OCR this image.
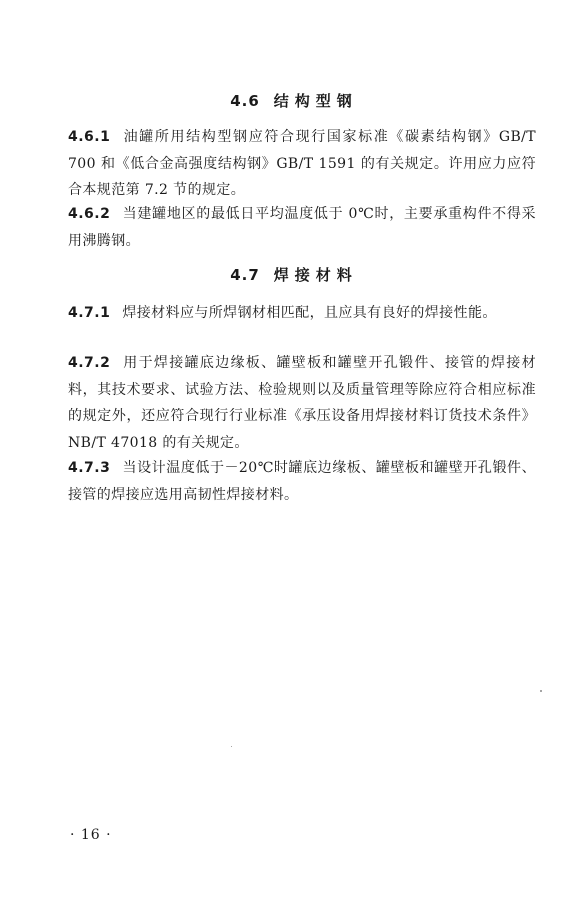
4.6 结构型钢
4.6.1 油罐所用结构型钢应符合现行国家标准《碳素结构钢》GB/T 700 和《低合金高强度结构钢》GB/T 1591 的有关规定。许用应力应符合本规范第 7.2 节的规定。
4.6.2 当建罐地区的最低日平均温度低于 0℃时，主要承重构件不得采用沸腾钢。
4.7 焊接材料
4.7.1 焊接材料应与所焊钢材相匹配，且应具有良好的焊接性能。
4.7.2 用于焊接罐底边缘板、罐壁板和罐壁开孔锻件、接管的焊接材料，其技术要求、试验方法、检验规则以及质量管理等除应符合相应标准的规定外，还应符合现行行业标准《承压设备用焊接材料订货技术条件》NB/T 47018 的有关规定。
4.7.3 当设计温度低于－20℃时罐底边缘板、罐壁板和罐壁开孔锻件、接管的焊接应选用高韧性焊接材料。
· 16 ·
